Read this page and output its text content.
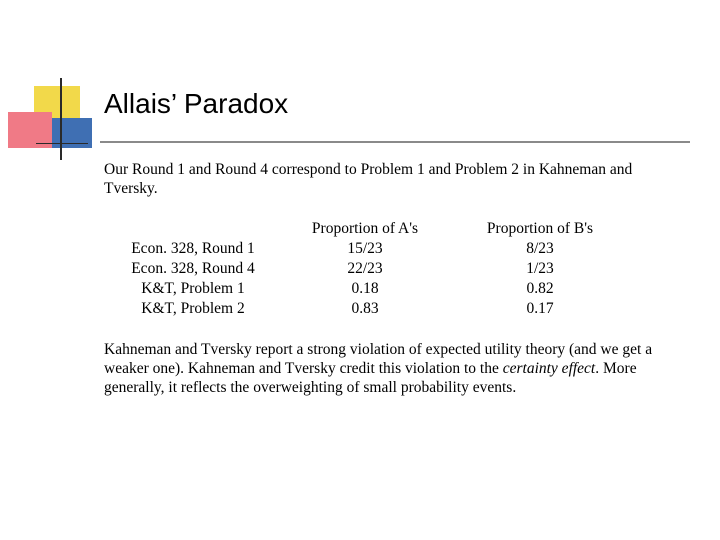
Allais’ Paradox
Our Round 1 and Round 4 correspond to Problem 1 and Problem 2 in Kahneman and Tversky.
	Proportion of A's	Proportion of B's
Econ. 328, Round 1	15/23	8/23
Econ. 328, Round 4	22/23	1/23
K&T, Problem 1	0.18	0.82
K&T, Problem 2	0.83	0.17
Kahneman and Tversky report a strong violation of expected utility theory (and we get a weaker one). Kahneman and Tversky credit this violation to the certainty effect. More generally, it reflects the overweighting of small probability events.
